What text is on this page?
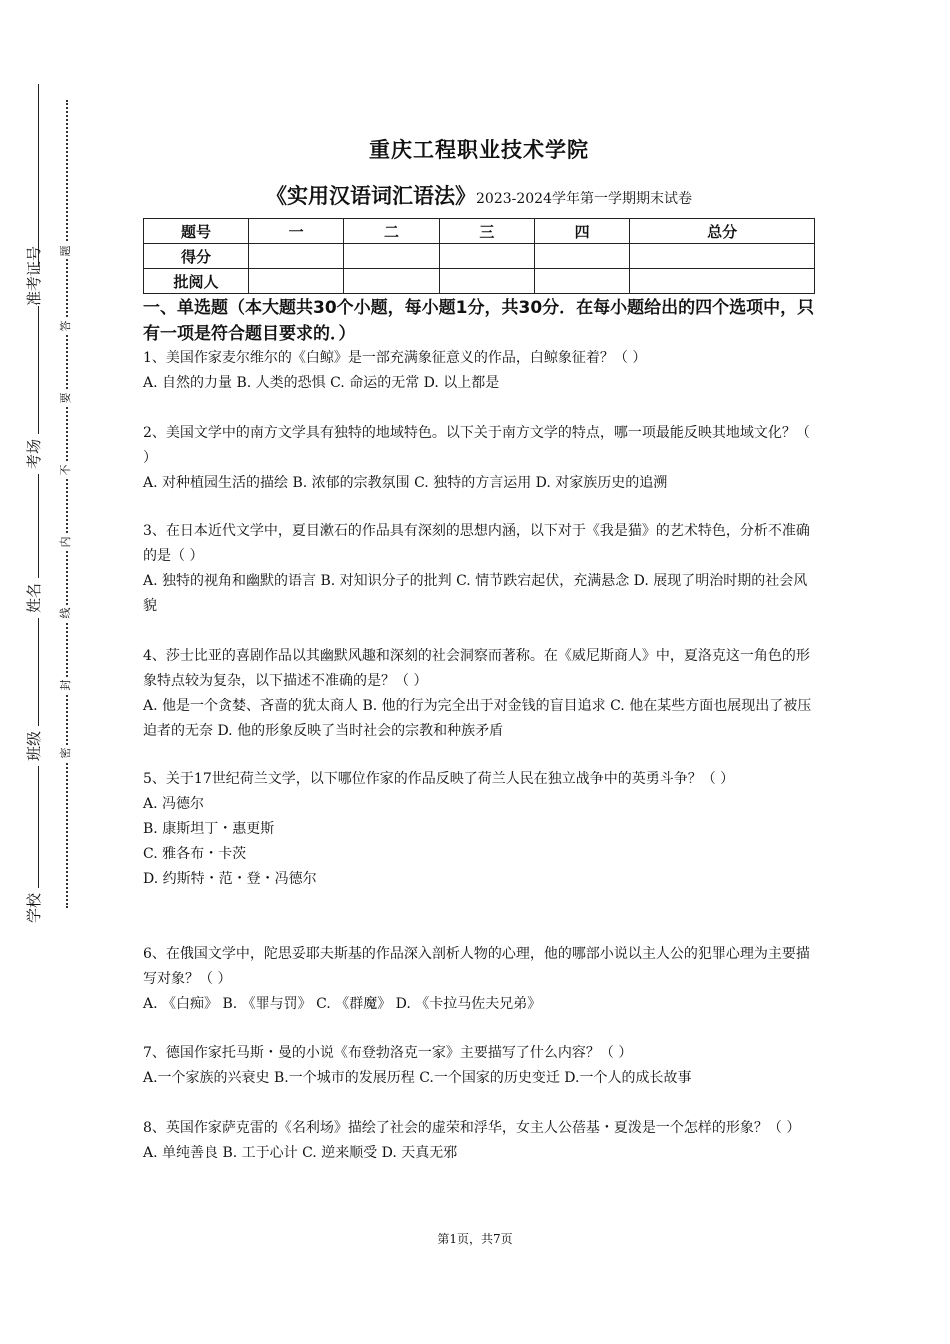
准考证号
考场
姓名
班级
学校
题
答
要
不
内
线
封
密
重庆工程职业技术学院
《实用汉语词汇语法》2023-2024学年第一学期期末试卷
题号	一	二	三	四	总分
得分					
批阅人					
一、单选题（本大题共30个小题，每小题1分，共30分．在每小题给出的四个选项中，只有一项是符合题目要求的．）
1、美国作家麦尔维尔的《白鲸》是一部充满象征意义的作品，白鲸象征着？（ ）
A. 自然的力量 B. 人类的恐惧 C. 命运的无常 D. 以上都是
2、美国文学中的南方文学具有独特的地域特色。以下关于南方文学的特点，哪一项最能反映其地域文化？（ ）
A. 对种植园生活的描绘 B. 浓郁的宗教氛围 C. 独特的方言运用 D. 对家族历史的追溯
3、在日本近代文学中，夏目漱石的作品具有深刻的思想内涵，以下对于《我是猫》的艺术特色，分析不准确的是（ ）
A. 独特的视角和幽默的语言 B. 对知识分子的批判 C. 情节跌宕起伏，充满悬念 D. 展现了明治时期的社会风貌
4、莎士比亚的喜剧作品以其幽默风趣和深刻的社会洞察而著称。在《威尼斯商人》中，夏洛克这一角色的形象特点较为复杂，以下描述不准确的是？（ ）
A. 他是一个贪婪、吝啬的犹太商人 B. 他的行为完全出于对金钱的盲目追求 C. 他在某些方面也展现出了被压迫者的无奈 D. 他的形象反映了当时社会的宗教和种族矛盾
5、关于17世纪荷兰文学，以下哪位作家的作品反映了荷兰人民在独立战争中的英勇斗争？（ ）
A. 冯德尔
B. 康斯坦丁・惠更斯
C. 雅各布・卡茨
D. 约斯特・范・登・冯德尔
6、在俄国文学中，陀思妥耶夫斯基的作品深入剖析人物的心理，他的哪部小说以主人公的犯罪心理为主要描写对象？（ ）
A. 《白痴》 B. 《罪与罚》 C. 《群魔》 D. 《卡拉马佐夫兄弟》
7、德国作家托马斯・曼的小说《布登勃洛克一家》主要描写了什么内容？（ ）
A.一个家族的兴衰史 B.一个城市的发展历程 C.一个国家的历史变迁 D.一个人的成长故事
8、英国作家萨克雷的《名利场》描绘了社会的虚荣和浮华，女主人公蓓基・夏泼是一个怎样的形象？（ ）
A. 单纯善良 B. 工于心计 C. 逆来顺受 D. 天真无邪
第1页，共7页
